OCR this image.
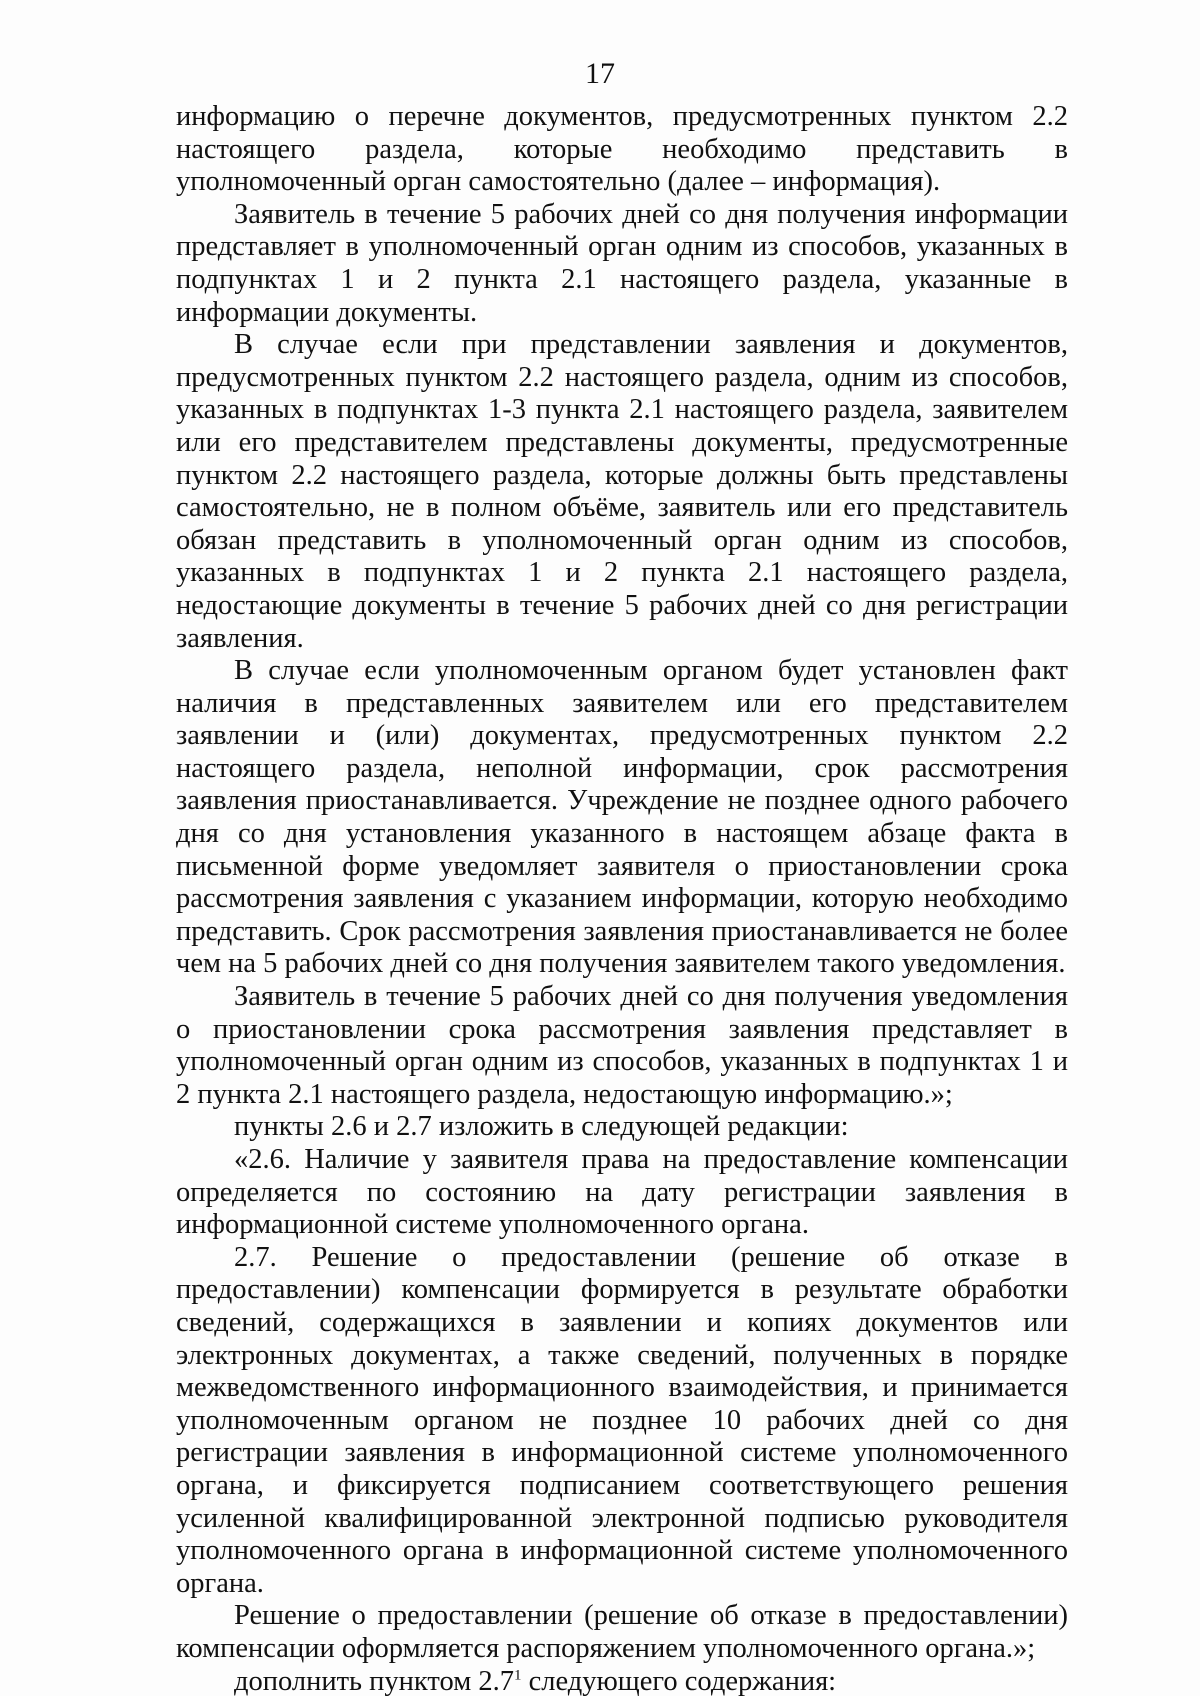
17

информацию о перечне документов, предусмотренных пунктом 2.2 настоящего раздела, которые необходимо представить в уполномоченный орган самостоятельно (далее – информация).

Заявитель в течение 5 рабочих дней со дня получения информации представляет в уполномоченный орган одним из способов, указанных в подпунктах 1 и 2 пункта 2.1 настоящего раздела, указанные в информации документы.

В случае если при представлении заявления и документов, предусмотренных пунктом 2.2 настоящего раздела, одним из способов, указанных в подпунктах 1-3 пункта 2.1 настоящего раздела, заявителем или его представителем представлены документы, предусмотренные пунктом 2.2 настоящего раздела, которые должны быть представлены самостоятельно, не в полном объёме, заявитель или его представитель обязан представить в уполномоченный орган одним из способов, указанных в подпунктах 1 и 2 пункта 2.1 настоящего раздела, недостающие документы в течение 5 рабочих дней со дня регистрации заявления.

В случае если уполномоченным органом будет установлен факт наличия в представленных заявителем или его представителем заявлении и (или) документах, предусмотренных пунктом 2.2 настоящего раздела, неполной информации, срок рассмотрения заявления приостанавливается. Учреждение не позднее одного рабочего дня со дня установления указанного в настоящем абзаце факта в письменной форме уведомляет заявителя о приостановлении срока рассмотрения заявления с указанием информации, которую необходимо представить. Срок рассмотрения заявления приостанавливается не более чем на 5 рабочих дней со дня получения заявителем такого уведомления.

Заявитель в течение 5 рабочих дней со дня получения уведомления о приостановлении срока рассмотрения заявления представляет в уполномоченный орган одним из способов, указанных в подпунктах 1 и 2 пункта 2.1 настоящего раздела, недостающую информацию.»;

пункты 2.6 и 2.7 изложить в следующей редакции:

«2.6. Наличие у заявителя права на предоставление компенсации определяется по состоянию на дату регистрации заявления в информационной системе уполномоченного органа.

2.7. Решение о предоставлении (решение об отказе в предоставлении) компенсации формируется в результате обработки сведений, содержащихся в заявлении и копиях документов или электронных документах, а также сведений, полученных в порядке межведомственного информационного взаимодействия, и принимается уполномоченным органом не позднее 10 рабочих дней со дня регистрации заявления в информационной системе уполномоченного органа, и фиксируется подписанием соответствующего решения усиленной квалифицированной электронной подписью руководителя уполномоченного органа в информационной системе уполномоченного органа.

Решение о предоставлении (решение об отказе в предоставлении) компенсации оформляется распоряжением уполномоченного органа.»;

дополнить пунктом $2.7^1$ следующего содержания:
